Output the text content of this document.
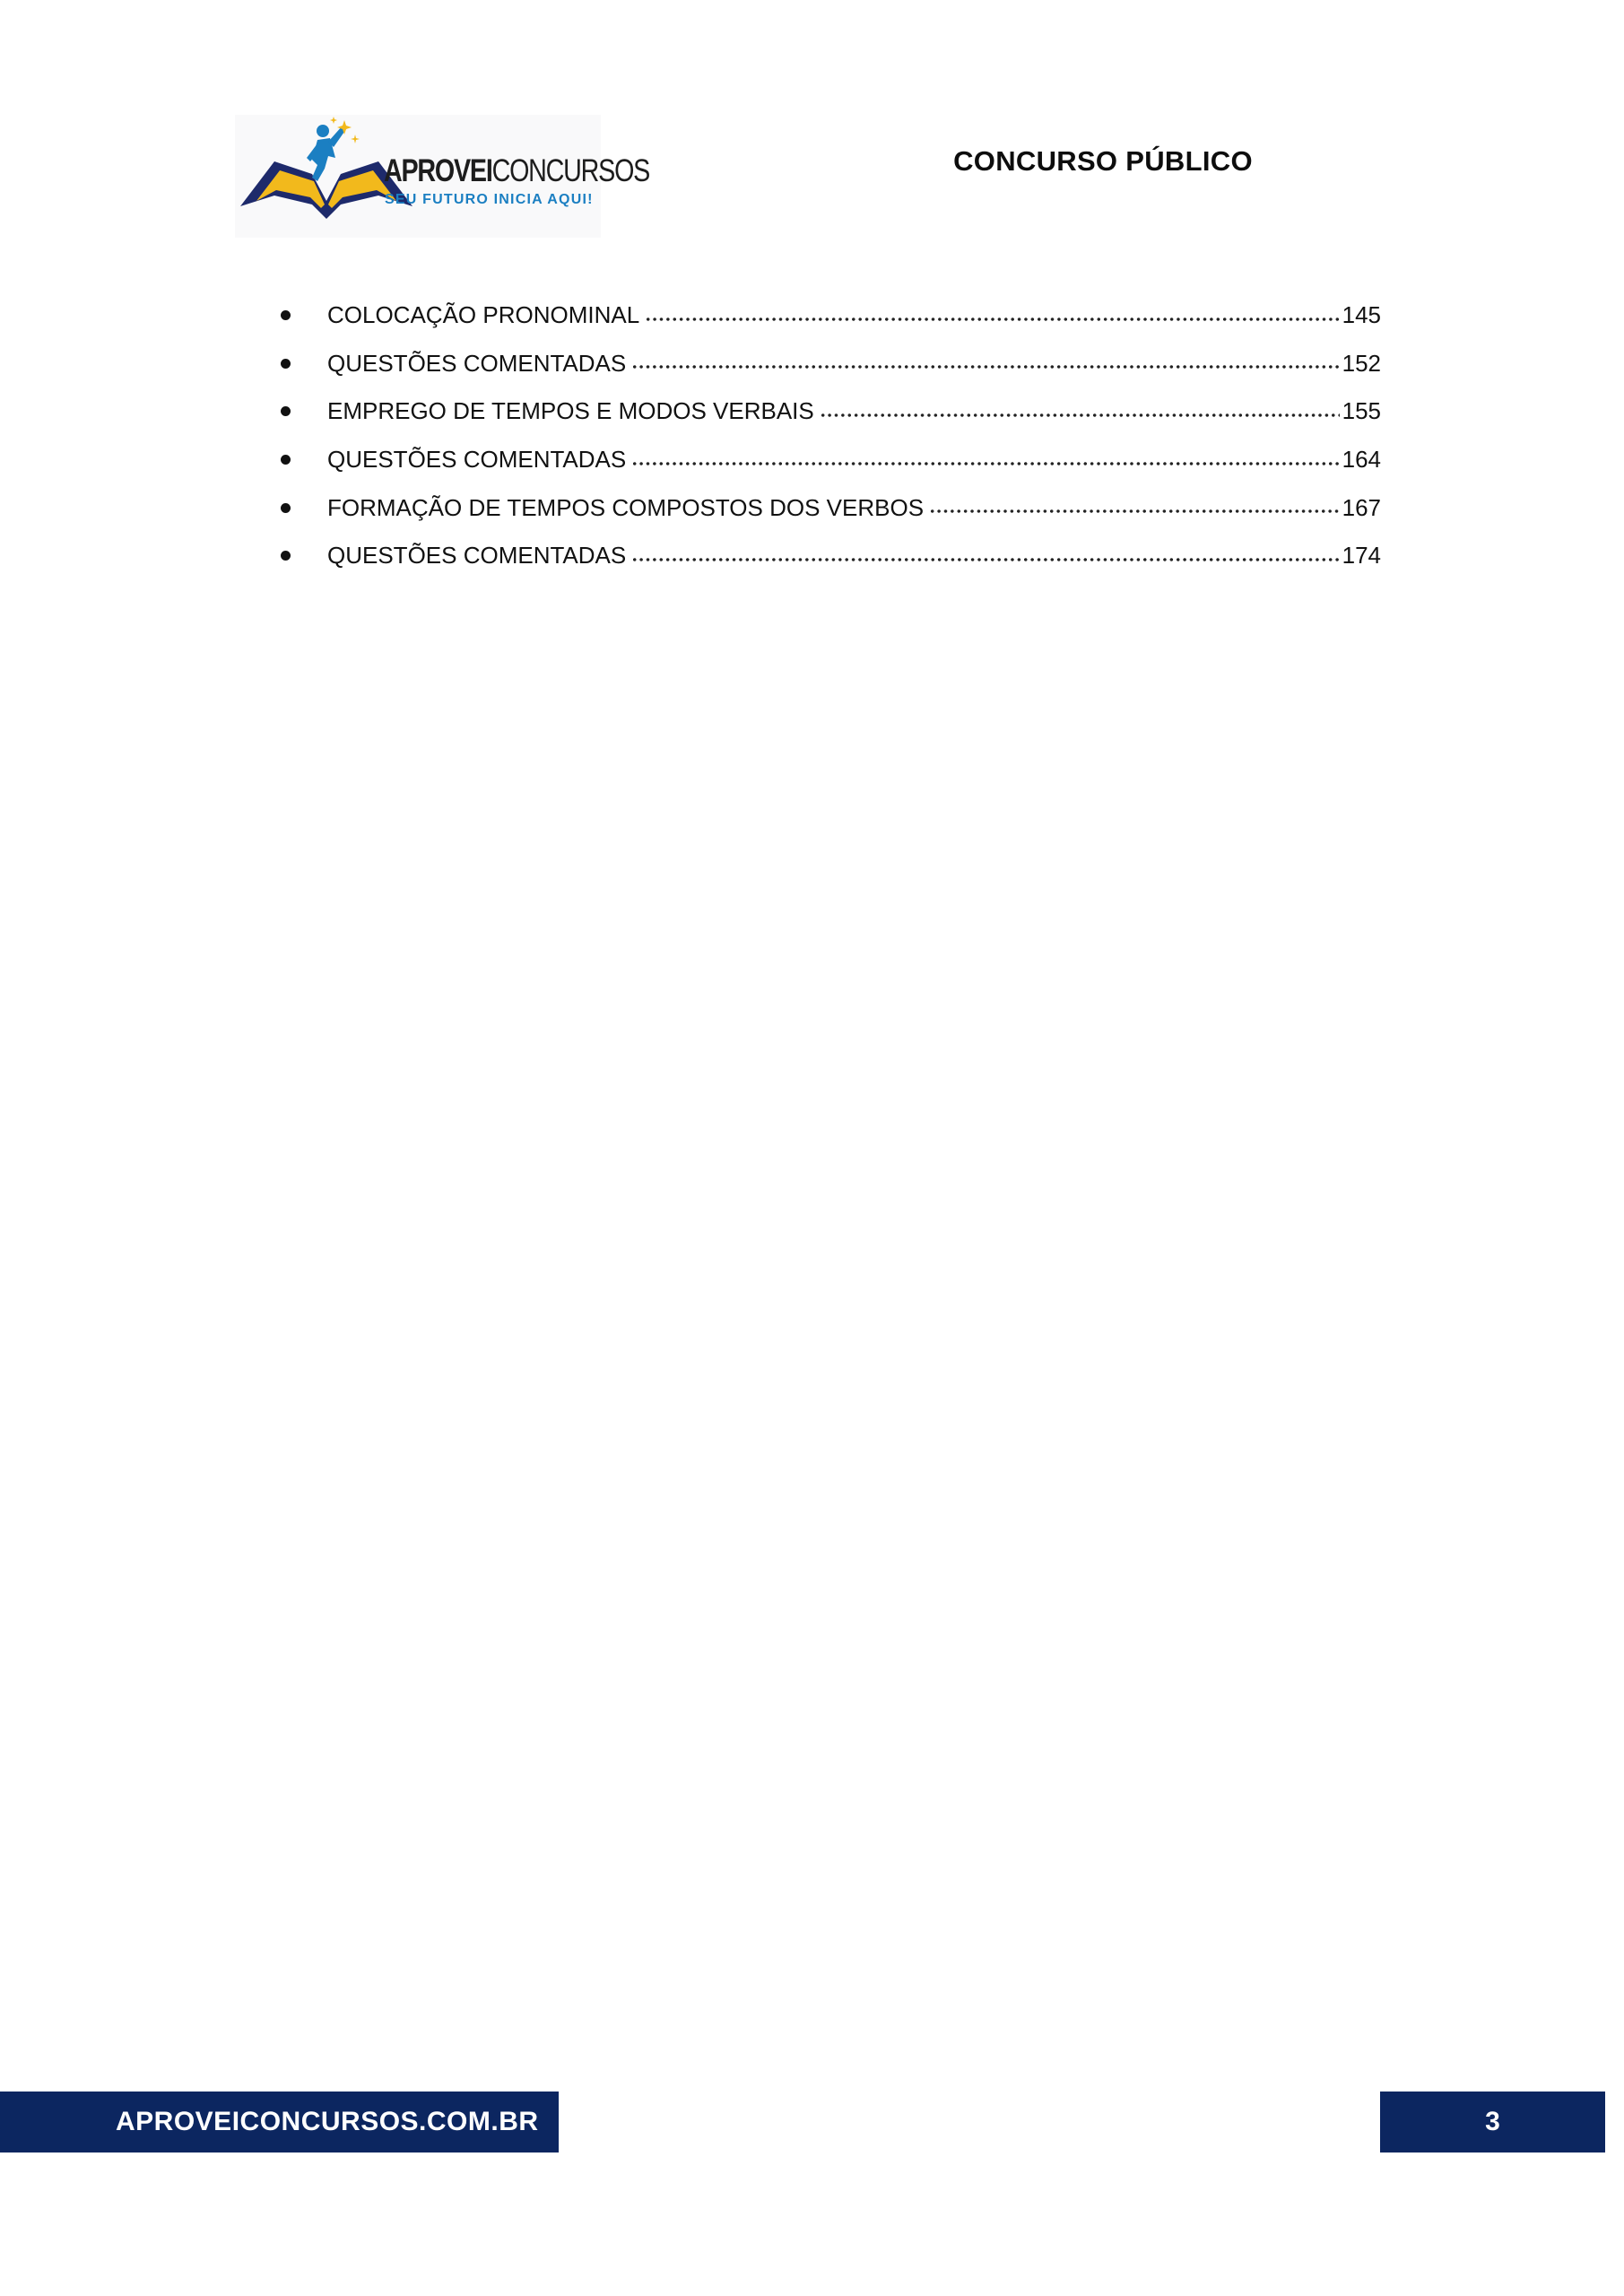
APROVEICONCURSOS
SEU FUTURO INICIA AQUI!
CONCURSO PÚBLICO
COLOCAÇÃO PRONOMINAL	145
QUESTÕES COMENTADAS	152
EMPREGO DE TEMPOS E MODOS VERBAIS	155
QUESTÕES COMENTADAS	164
FORMAÇÃO DE TEMPOS COMPOSTOS DOS VERBOS	167
QUESTÕES COMENTADAS	174
APROVEICONCURSOS.COM.BR	3
